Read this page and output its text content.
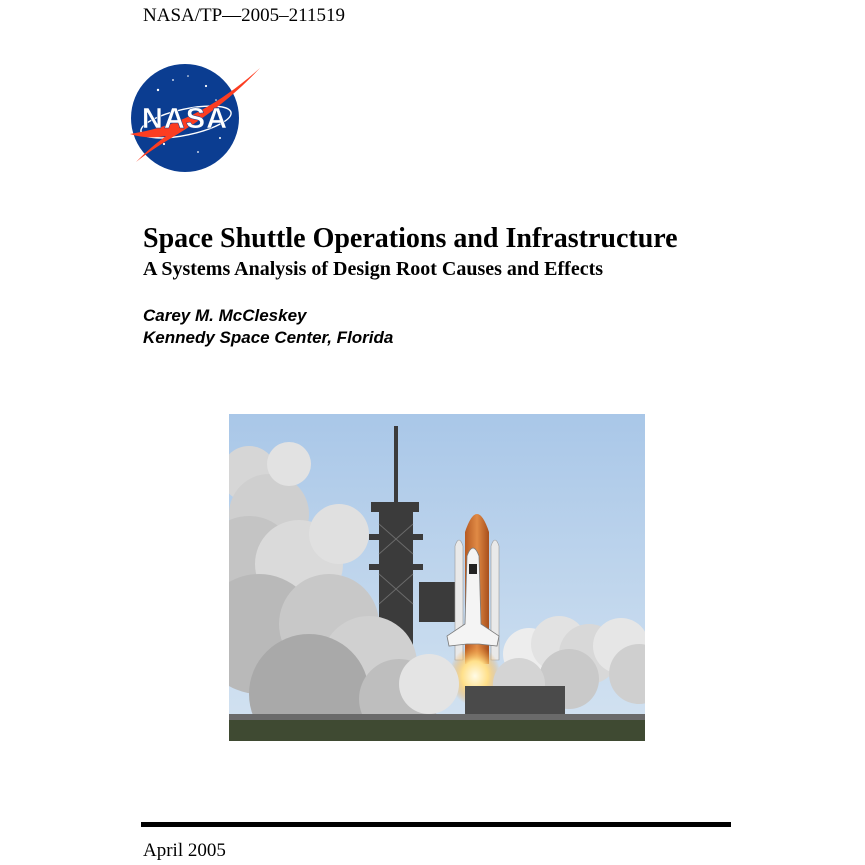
NASA/TP—2005–211519
NASA
Space Shuttle Operations and Infrastructure
A Systems Analysis of Design Root Causes and Effects
Carey M. McCleskey
Kennedy Space Center, Florida
April 2005
